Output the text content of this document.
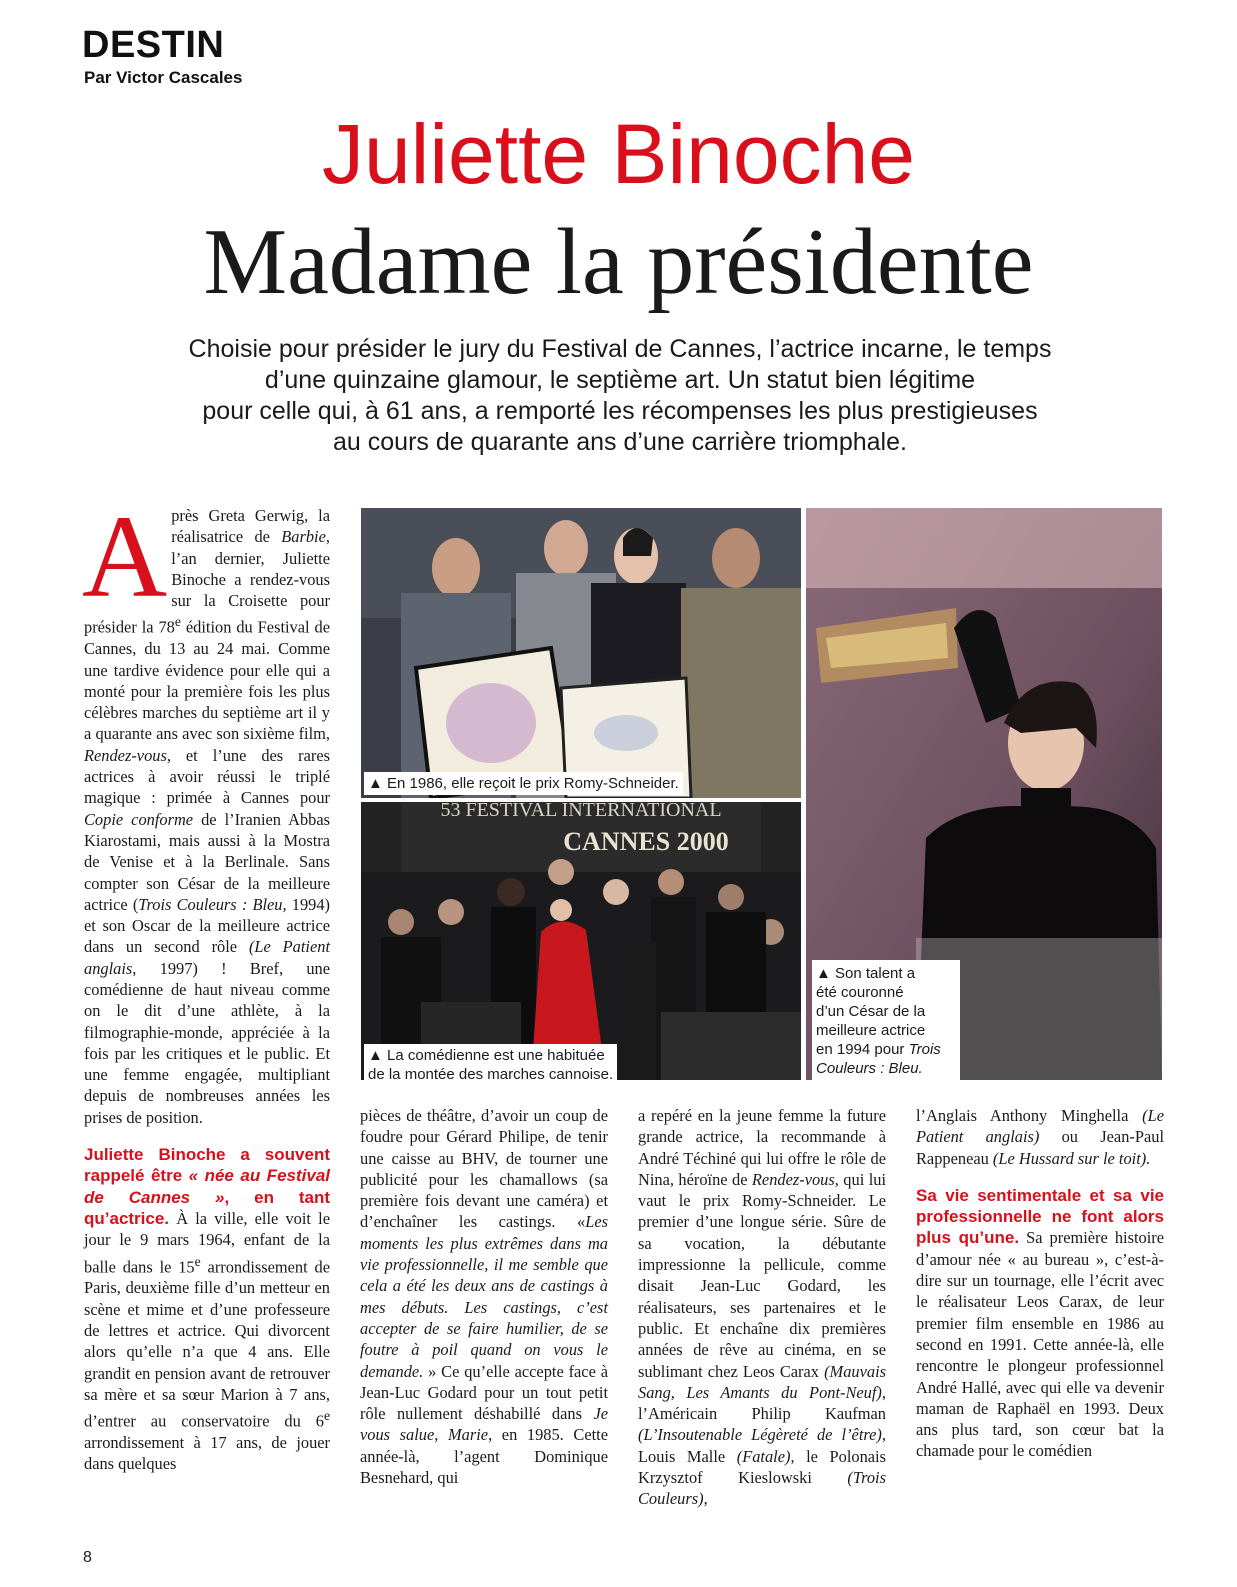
DESTIN
Par Victor Cascales
Juliette Binoche
Madame la présidente
Choisie pour présider le jury du Festival de Cannes, l’actrice incarne, le temps
d’une quinzaine glamour, le septième art. Un statut bien légitime
pour celle qui, à 61 ans, a remporté les récompenses les plus prestigieuses
au cours de quarante ans d’une carrière triomphale.

Après Greta Gerwig, la réalisatrice de Barbie, l’an dernier, Juliette Binoche a rendez-vous sur la Croisette pour présider la 78e édition du Festival de Cannes, du 13 au 24 mai. Comme une tardive évidence pour elle qui a monté pour la première fois les plus célèbres marches du septième art il y a quarante ans avec son sixième film, Rendez-vous, et l’une des rares actrices à avoir réussi le triplé magique : primée à Cannes pour Copie conforme de l’Iranien Abbas Kiarostami, mais aussi à la Mostra de Venise et à la Berlinale. Sans compter son César de la meilleure actrice (Trois Couleurs : Bleu, 1994) et son Oscar de la meilleure actrice dans un second rôle (Le Patient anglais, 1997) ! Bref, une comédienne de haut niveau comme on le dit d’une athlète, à la filmographie-monde, appréciée à la fois par les critiques et le public. Et une femme engagée, multipliant depuis de nombreuses années les prises de position.

Juliette Binoche a souvent rappelé être « née au Festival de Cannes », en tant qu’actrice. À la ville, elle voit le jour le 9 mars 1964, enfant de la balle dans le 15e arrondissement de Paris, deuxième fille d’un metteur en scène et mime et d’une professeure de lettres et actrice. Qui divorcent alors qu’elle n’a que 4 ans. Elle grandit en pension avant de retrouver sa mère et sa sœur Marion à 7 ans, d’entrer au conservatoire du 6e arrondissement à 17 ans, de jouer dans quelques

▲ En 1986, elle reçoit le prix Romy-Schneider.
53 FESTIVAL INTERNATIONAL
CANNES 2000
▲ La comédienne est une habituée
de la montée des marches cannoise.
▲ Son talent a
été couronné
d’un César de la
meilleure actrice
en 1994 pour Trois
Couleurs : Bleu.

pièces de théâtre, d’avoir un coup de foudre pour Gérard Philipe, de tenir une caisse au BHV, de tourner une publicité pour les chamallows (sa première fois devant une caméra) et d’enchaîner les castings. «Les moments les plus extrêmes dans ma vie professionnelle, il me semble que cela a été les deux ans de castings à mes débuts. Les castings, c’est accepter de se faire humilier, de se foutre à poil quand on vous le demande. » Ce qu’elle accepte face à Jean-Luc Godard pour un tout petit rôle nullement déshabillé dans Je vous salue, Marie, en 1985. Cette année-là, l’agent Dominique Besnehard, qui

a repéré en la jeune femme la future grande actrice, la recommande à André Téchiné qui lui offre le rôle de Nina, héroïne de Rendez-vous, qui lui vaut le prix Romy-Schneider. Le premier d’une longue série. Sûre de sa vocation, la débutante impressionne la pellicule, comme disait Jean-Luc Godard, les réalisateurs, ses partenaires et le public. Et enchaîne dix premières années de rêve au cinéma, en se sublimant chez Leos Carax (Mauvais Sang, Les Amants du Pont-Neuf), l’Américain Philip Kaufman (L’Insoutenable Légèreté de l’être), Louis Malle (Fatale), le Polonais Krzysztof Kieslowski (Trois Couleurs),

l’Anglais Anthony Minghella (Le Patient anglais) ou Jean-Paul Rappeneau (Le Hussard sur le toit).

Sa vie sentimentale et sa vie professionnelle ne font alors plus qu’une. Sa première histoire d’amour née « au bureau », c’est-à-dire sur un tournage, elle l’écrit avec le réalisateur Leos Carax, de leur premier film ensemble en 1986 au second en 1991. Cette année-là, elle rencontre le plongeur professionnel André Hallé, avec qui elle va devenir maman de Raphaël en 1993. Deux ans plus tard, son cœur bat la chamade pour le comédien

8
